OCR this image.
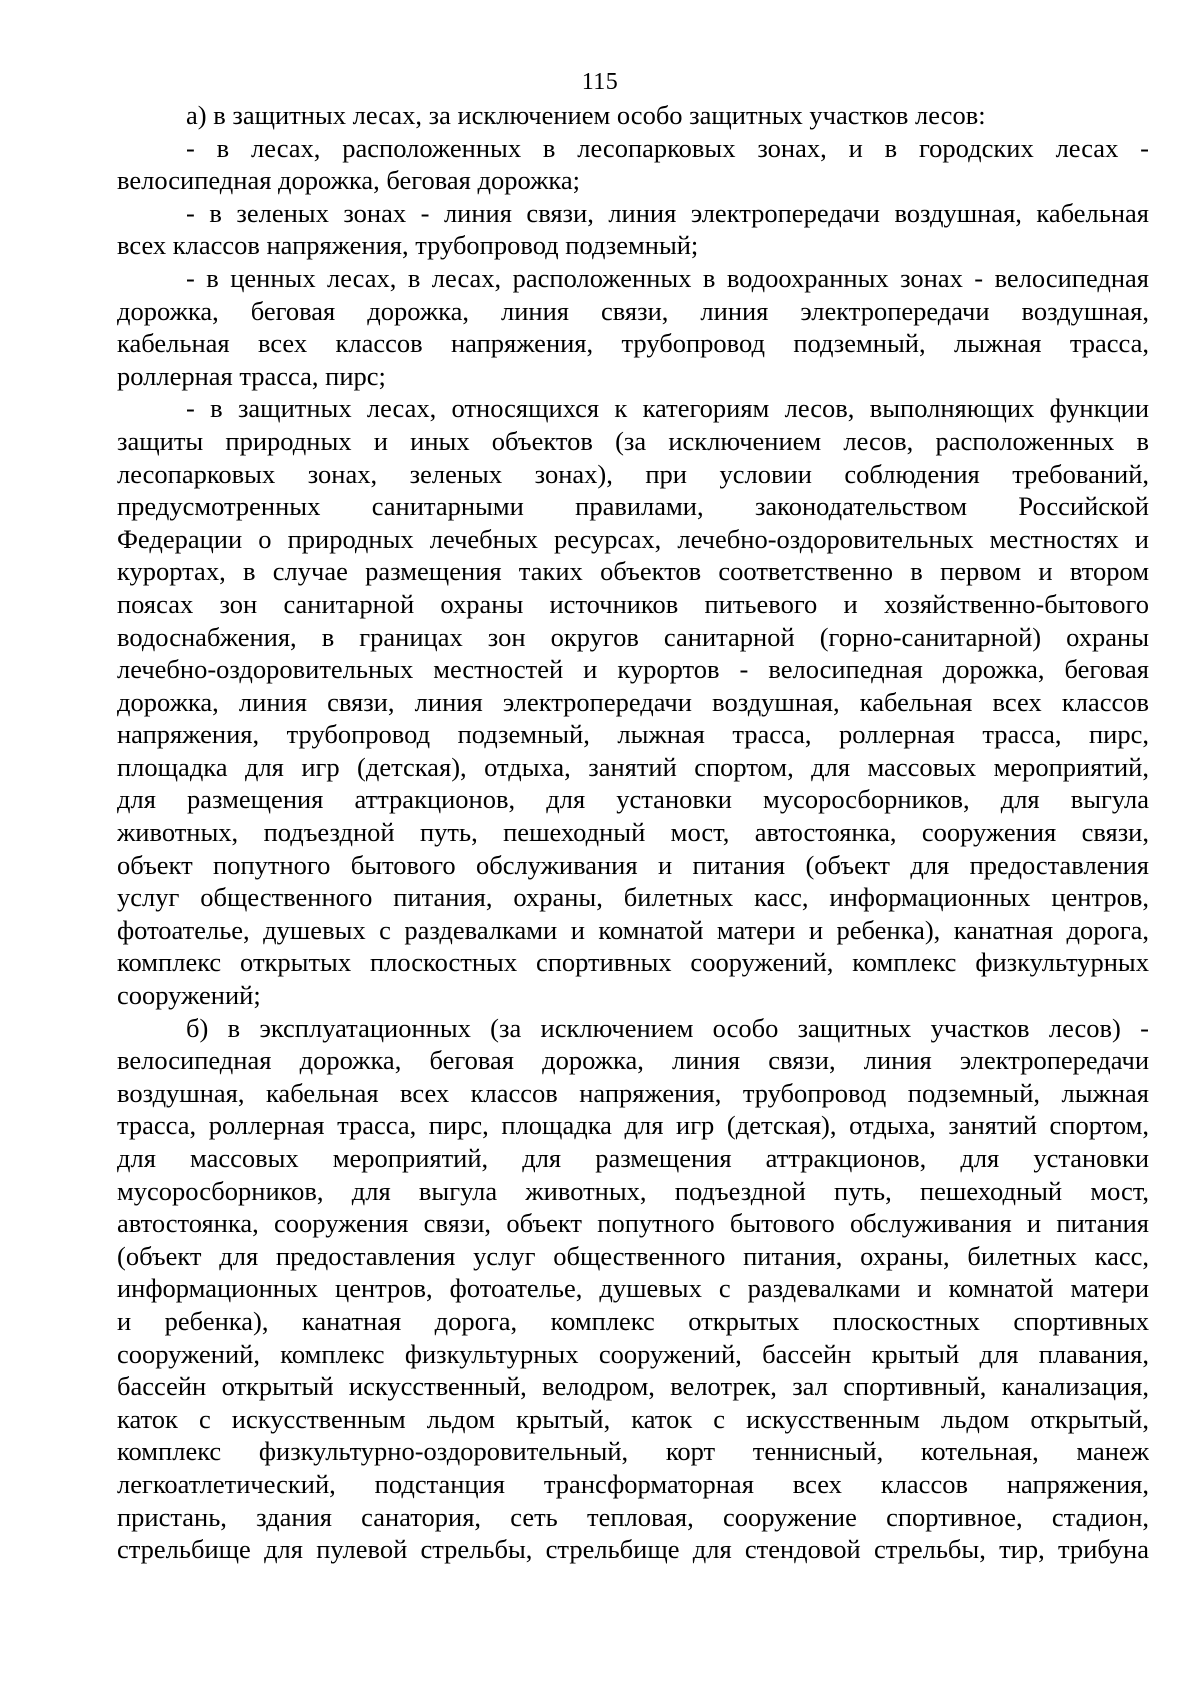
115
а) в защитных лесах, за исключением особо защитных участков лесов:
- в лесах, расположенных в лесопарковых зонах, и в городских лесах -
велосипедная дорожка, беговая дорожка;
- в зеленых зонах - линия связи, линия электропередачи воздушная, кабельная
всех классов напряжения, трубопровод подземный;
- в ценных лесах, в лесах, расположенных в водоохранных зонах - велосипедная
дорожка, беговая дорожка, линия связи, линия электропередачи воздушная,
кабельная всех классов напряжения, трубопровод подземный, лыжная трасса,
роллерная трасса, пирс;
- в защитных лесах, относящихся к категориям лесов, выполняющих функции
защиты природных и иных объектов (за исключением лесов, расположенных в
лесопарковых зонах, зеленых зонах), при условии соблюдения требований,
предусмотренных санитарными правилами, законодательством Российской
Федерации о природных лечебных ресурсах, лечебно-оздоровительных местностях и
курортах, в случае размещения таких объектов соответственно в первом и втором
поясах зон санитарной охраны источников питьевого и хозяйственно-бытового
водоснабжения, в границах зон округов санитарной (горно-санитарной) охраны
лечебно-оздоровительных местностей и курортов - велосипедная дорожка, беговая
дорожка, линия связи, линия электропередачи воздушная, кабельная всех классов
напряжения, трубопровод подземный, лыжная трасса, роллерная трасса, пирс,
площадка для игр (детская), отдыха, занятий спортом, для массовых мероприятий,
для размещения аттракционов, для установки мусоросборников, для выгула
животных, подъездной путь, пешеходный мост, автостоянка, сооружения связи,
объект попутного бытового обслуживания и питания (объект для предоставления
услуг общественного питания, охраны, билетных касс, информационных центров,
фотоателье, душевых с раздевалками и комнатой матери и ребенка), канатная дорога,
комплекс открытых плоскостных спортивных сооружений, комплекс физкультурных
сооружений;
б) в эксплуатационных (за исключением особо защитных участков лесов) -
велосипедная дорожка, беговая дорожка, линия связи, линия электропередачи
воздушная, кабельная всех классов напряжения, трубопровод подземный, лыжная
трасса, роллерная трасса, пирс, площадка для игр (детская), отдыха, занятий спортом,
для массовых мероприятий, для размещения аттракционов, для установки
мусоросборников, для выгула животных, подъездной путь, пешеходный мост,
автостоянка, сооружения связи, объект попутного бытового обслуживания и питания
(объект для предоставления услуг общественного питания, охраны, билетных касс,
информационных центров, фотоателье, душевых с раздевалками и комнатой матери
и ребенка), канатная дорога, комплекс открытых плоскостных спортивных
сооружений, комплекс физкультурных сооружений, бассейн крытый для плавания,
бассейн открытый искусственный, велодром, велотрек, зал спортивный, канализация,
каток с искусственным льдом крытый, каток с искусственным льдом открытый,
комплекс физкультурно-оздоровительный, корт теннисный, котельная, манеж
легкоатлетический, подстанция трансформаторная всех классов напряжения,
пристань, здания санатория, сеть тепловая, сооружение спортивное, стадион,
стрельбище для пулевой стрельбы, стрельбище для стендовой стрельбы, тир, трибуна
